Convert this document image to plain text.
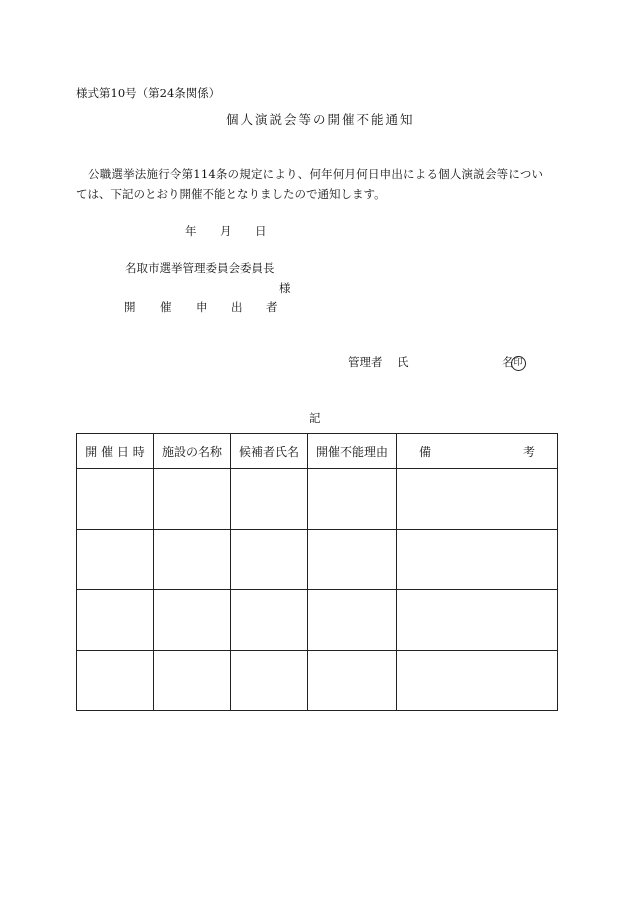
様式第10号（第24条関係）
個人演説会等の開催不能通知
公職選挙法施行令第114条の規定により、何年何月何日申出による個人演説会等につい
ては、下記のとおり開催不能となりましたので通知します。
年 月 日
名取市選挙管理委員会委員長
様
開 催 申 出 者
管理者 氏	名印
記
開 催 日 時	施設の名称	候補者氏名	開催不能理由	備 考
